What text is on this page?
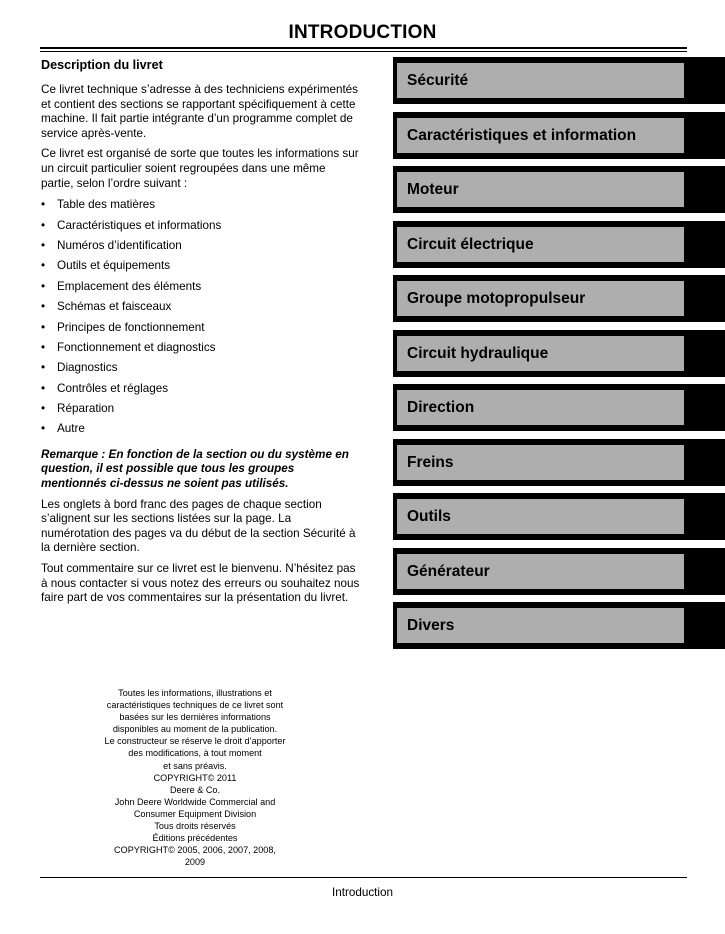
INTRODUCTION
Description du livret

Ce livret technique s’adresse à des techniciens expérimentés et contient des sections se rapportant spécifiquement à cette machine. Il fait partie intégrante d’un programme complet de service après-vente.

Ce livret est organisé de sorte que toutes les informations sur un circuit particulier soient regroupées dans une même partie, selon l’ordre suivant :

• Table des matières
• Caractéristiques et informations
• Numéros d’identification
• Outils et équipements
• Emplacement des éléments
• Schémas et faisceaux
• Principes de fonctionnement
• Fonctionnement et diagnostics
• Diagnostics
• Contrôles et réglages
• Réparation
• Autre

Remarque : En fonction de la section ou du système en question, il est possible que tous les groupes mentionnés ci-dessus ne soient pas utilisés.

Les onglets à bord franc des pages de chaque section s’alignent sur les sections listées sur la page. La numérotation des pages va du début de la section Sécurité à la dernière section.

Tout commentaire sur ce livret est le bienvenu. N’hésitez pas à nous contacter si vous notez des erreurs ou souhaitez nous faire part de vos commentaires sur la présentation du livret.

Sécurité
Caractéristiques et information
Moteur
Circuit électrique
Groupe motopropulseur
Circuit hydraulique
Direction
Freins
Outils
Générateur
Divers
Toutes les informations, illustrations et
caractéristiques techniques de ce livret sont
basées sur les dernières informations
disponibles au moment de la publication.
Le constructeur se réserve le droit d’apporter
des modifications, à tout moment
et sans préavis.
COPYRIGHT© 2011
Deere & Co.
John Deere Worldwide Commercial and
Consumer Equipment Division
Tous droits réservés
Éditions précédentes
COPYRIGHT© 2005, 2006, 2007, 2008,
2009
Introduction
